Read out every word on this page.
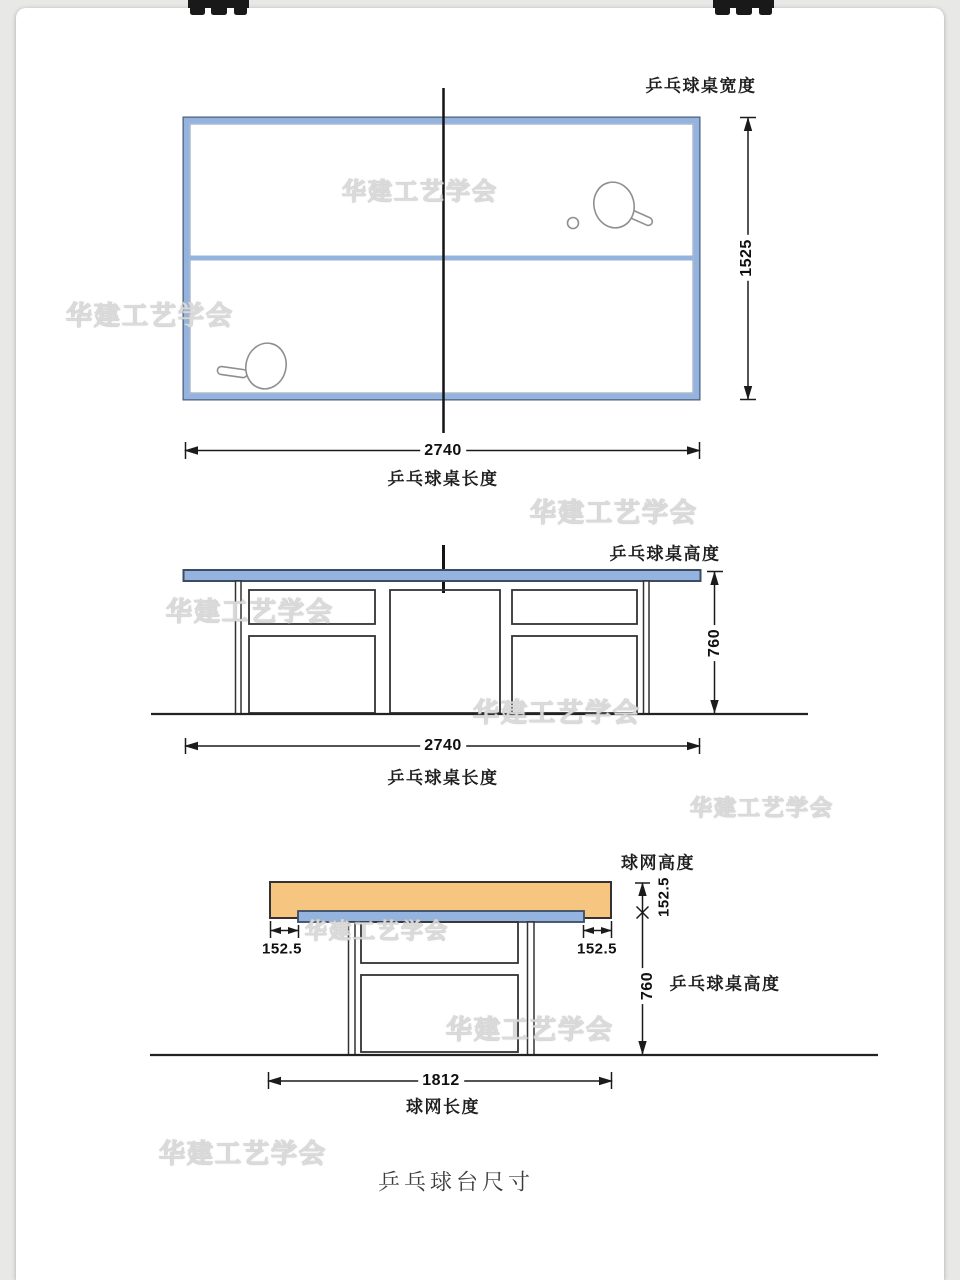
华建工艺学会
华建工艺学会
华建工艺学会
华建工艺学会
华建工艺学会
华建工艺学会
华建工艺学会
华建工艺学会
华建工艺学会
乒乓球桌宽度
1525
2740
乒乓球桌长度
乒乓球桌高度
760
2740
乒乓球桌长度
球网高度
152.5
152.5	152.5
760 乒乓球桌高度
1812
球网长度
乒乓球台尺寸
